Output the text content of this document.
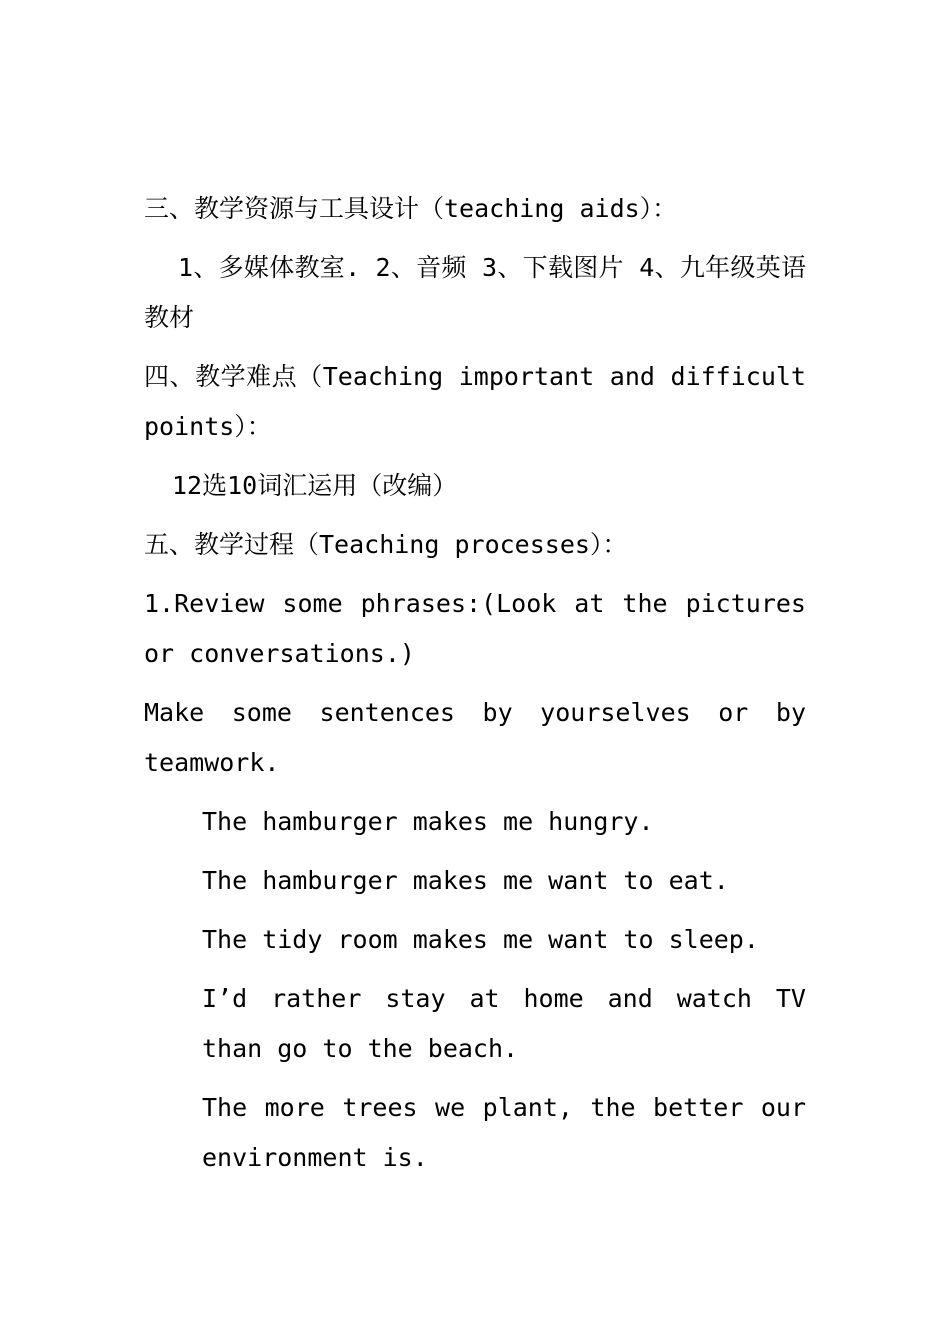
三、教学资源与工具设计（teaching aids）：

1、多媒体教室. 2、音频 3、下载图片 4、九年级英语教材

四、教学难点（Teaching important and difficult points）：

12选10词汇运用（改编）

五、教学过程（Teaching processes）：

1.Review some phrases:(Look at the pictures or conversations.)

Make some sentences by yourselves or by teamwork.

The hamburger makes me hungry.

The hamburger makes me want to eat.

The tidy room makes me want to sleep.

I’d rather stay at home and watch TV than go to the beach.

The more trees we plant, the better our environment is.
